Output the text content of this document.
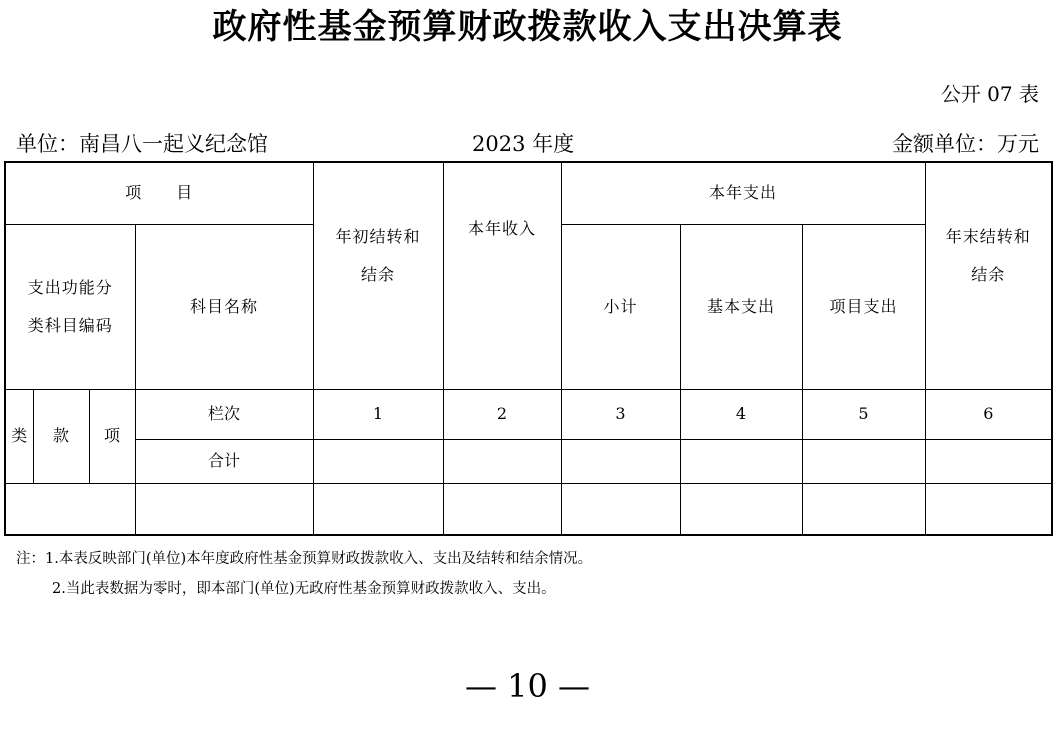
政府性基金预算财政拨款收入支出决算表
公开 07 表
单位：南昌八一起义纪念馆	2023 年度	金额单位：万元
项　　目				年初结转和结余	本年收入	本年支出			年末结转和结余

支出功能分类科目编码			科目名称			小计	基本支出	项目支出	
类	款	项	栏次	1	2	3	4	5	6
			合计						

注：1.本表反映部门(单位)本年度政府性基金预算财政拨款收入、支出及结转和结余情况。
2.当此表数据为零时，即本部门(单位)无政府性基金预算财政拨款收入、支出。
— 10 —
